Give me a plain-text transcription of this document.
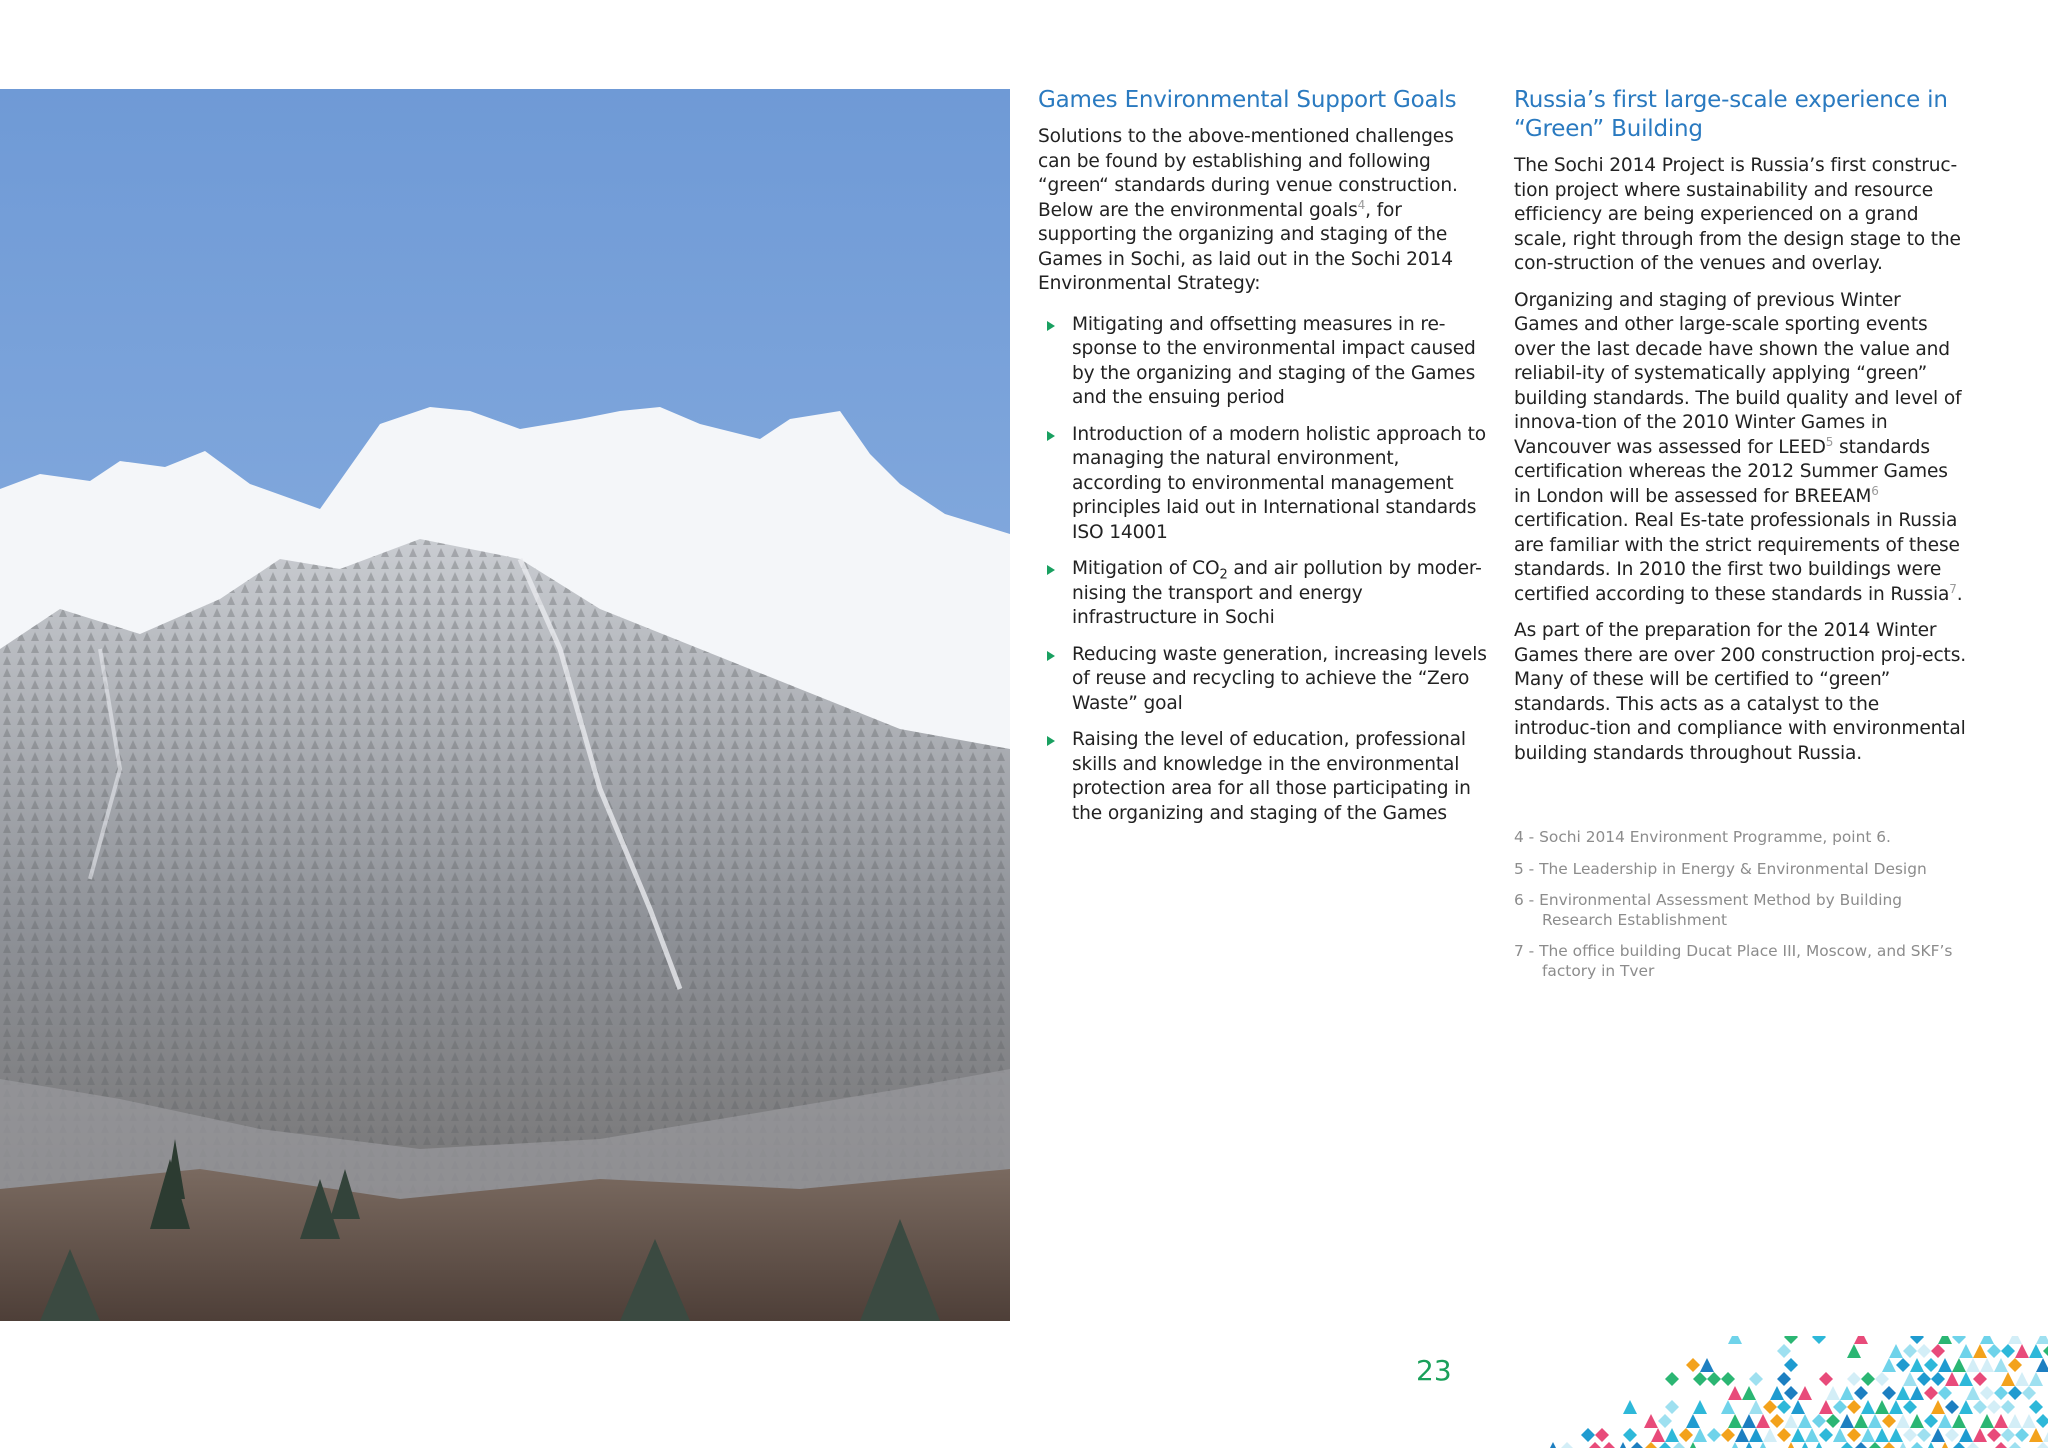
Games Environmental Support Goals

Solutions to the above-mentioned challenges can be found by establishing and following “green“ standards during venue construction. Below are the environmental goals$^4$, for supporting the organizing and staging of the Games in Sochi, as laid out in the Sochi 2014 Environmental Strategy:

Mitigating and offsetting measures in re-sponse to the environmental impact caused by the organizing and staging of the Games and the ensuing period
Introduction of a modern holistic approach to managing the natural environment, according to environmental management principles laid out in International standards ISO 14001
Mitigation of $CO_2$ and air pollution by moder-nising the transport and energy infrastructure in Sochi
Reducing waste generation, increasing levels of reuse and recycling to achieve the “Zero Waste” goal
Raising the level of education, professional skills and knowledge in the environmental protection area for all those participating in the organizing and staging of the Games
Russia’s first large-scale experience in “Green” Building

The Sochi 2014 Project is Russia’s first construc-tion project where sustainability and resource efficiency are being experienced on a grand scale, right through from the design stage to the con-struction of the venues and overlay.

Organizing and staging of previous Winter Games and other large-scale sporting events over the last decade have shown the value and reliabil-ity of systematically applying “green” building standards. The build quality and level of innova-tion of the 2010 Winter Games in Vancouver was assessed for LEED$^5$ standards certification whereas the 2012 Summer Games in London will be assessed for BREEAM$^6$ certification. Real Es-tate professionals in Russia are familiar with the strict requirements of these standards. In 2010 the first two buildings were certified according to these standards in Russia$^7$.

As part of the preparation for the 2014 Winter Games there are over 200 construction proj-ects. Many of these will be certified to “green” standards. This acts as a catalyst to the introduc-tion and compliance with environmental building standards throughout Russia.

4 - Sochi 2014 Environment Programme, point 6.
5 - The Leadership in Energy & Environmental Design
6 - Environmental Assessment Method by Building Research Establishment
7 - The office building Ducat Place III, Moscow, and SKF’s factory in Tver
23
